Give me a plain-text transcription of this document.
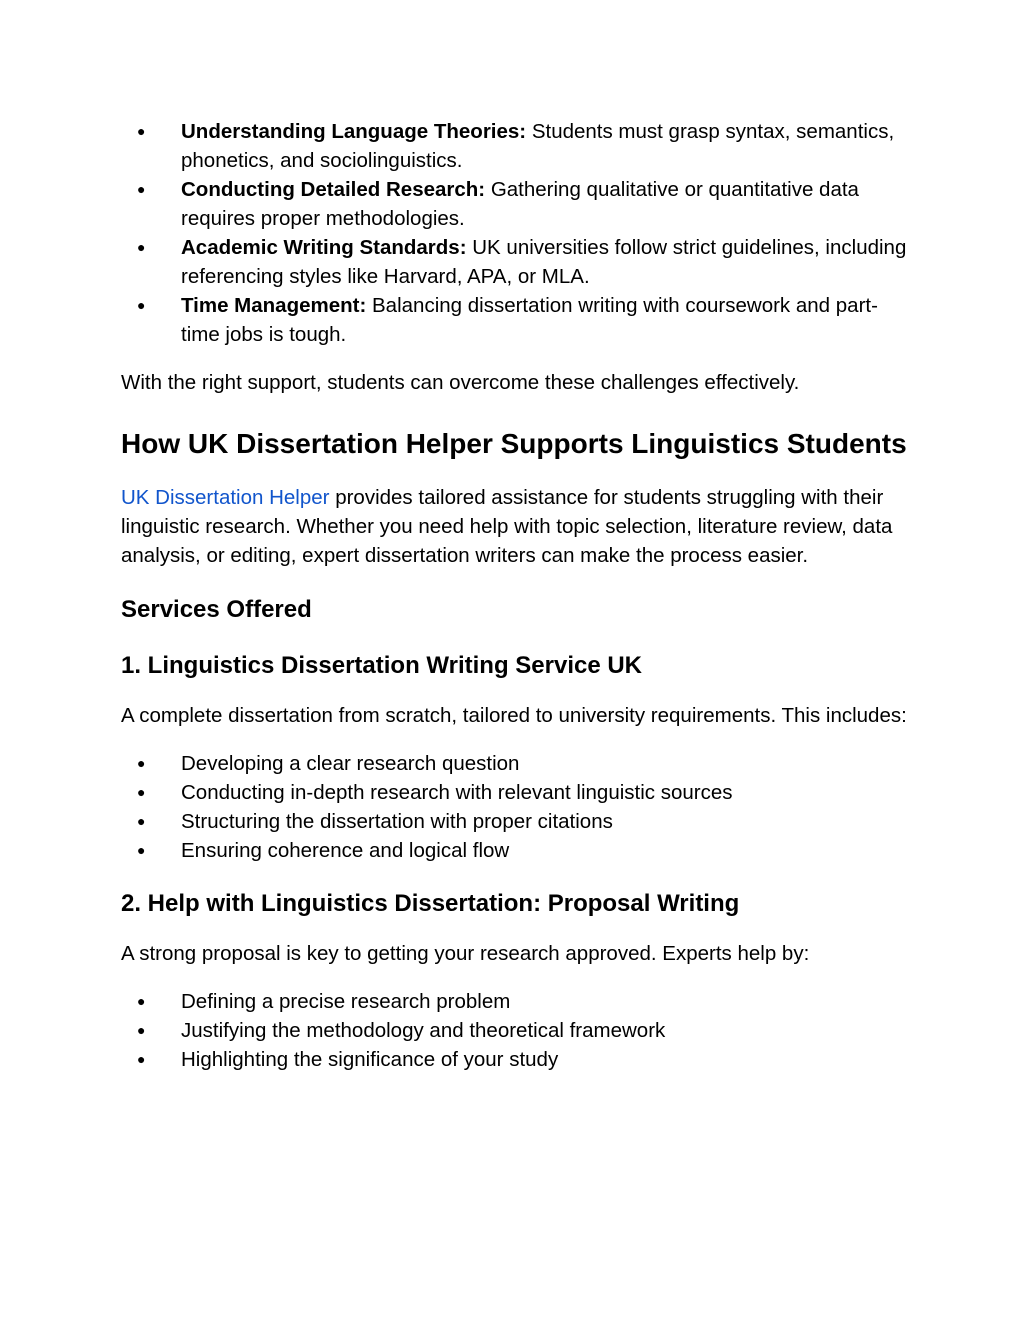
● Understanding Language Theories: Students must grasp syntax, semantics, phonetics, and sociolinguistics.
● Conducting Detailed Research: Gathering qualitative or quantitative data requires proper methodologies.
● Academic Writing Standards: UK universities follow strict guidelines, including referencing styles like Harvard, APA, or MLA.
● Time Management: Balancing dissertation writing with coursework and part-time jobs is tough.

With the right support, students can overcome these challenges effectively.

How UK Dissertation Helper Supports Linguistics Students

UK Dissertation Helper provides tailored assistance for students struggling with their linguistic research. Whether you need help with topic selection, literature review, data analysis, or editing, expert dissertation writers can make the process easier.

Services Offered
1. Linguistics Dissertation Writing Service UK

A complete dissertation from scratch, tailored to university requirements. This includes:

● Developing a clear research question
● Conducting in-depth research with relevant linguistic sources
● Structuring the dissertation with proper citations
● Ensuring coherence and logical flow
2. Help with Linguistics Dissertation: Proposal Writing

A strong proposal is key to getting your research approved. Experts help by:

● Defining a precise research problem
● Justifying the methodology and theoretical framework
● Highlighting the significance of your study
